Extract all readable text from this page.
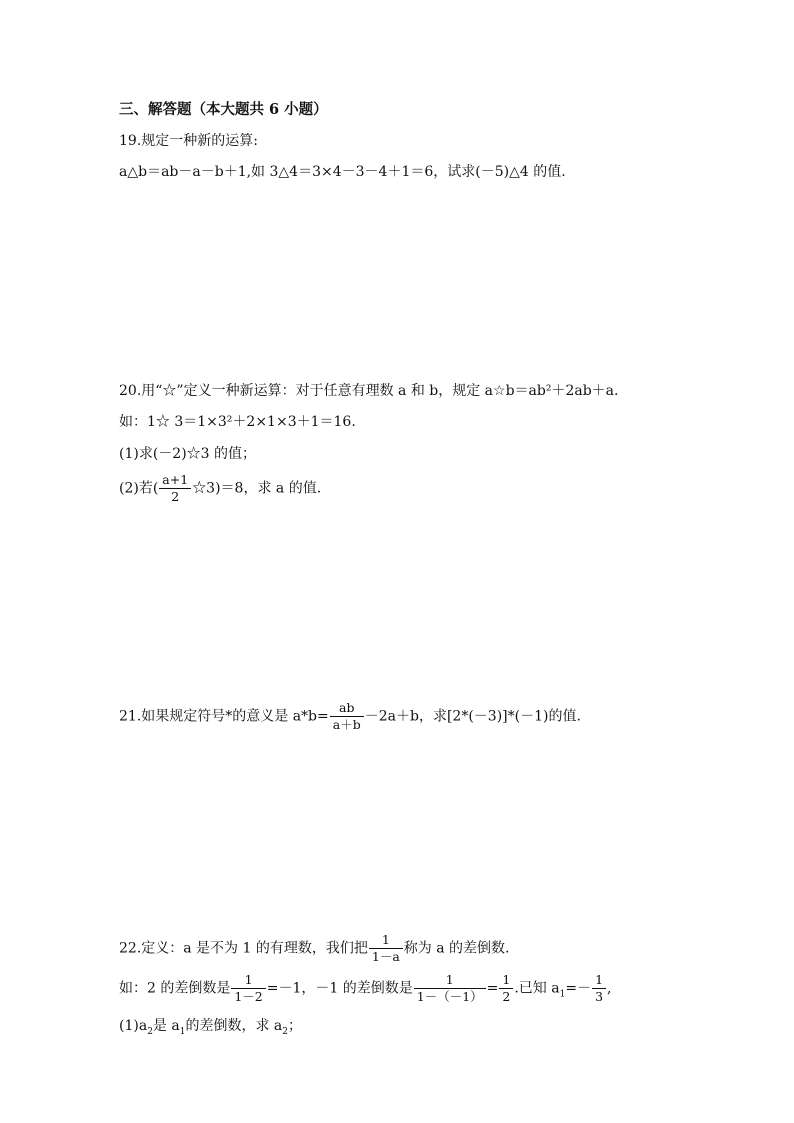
三、解答题（本大题共 6 小题）
19.规定一种新的运算:
a△b＝ab－a－b＋1,如 3△4＝3×4－3－4＋1＝6，试求(－5)△4 的值.
20.用“☆”定义一种新运算：对于任意有理数 a 和 b，规定 a☆b＝ab²＋2ab＋a.
如：1☆ 3＝1×3²＋2×1×3＋1＝16.
(1)求(－2)☆3 的值；
(2)若( $\frac{a+1}{2}$ ☆3)＝8，求 a 的值.
21.如果规定符号*的意义是 $a*b= \frac{ab}{a+b} -2a+b$，求[2*(－3)]*(－1)的值.
22.定义：a 是不为 1 的有理数，我们把 $\frac{1}{1-a}$ 称为 a 的差倒数.
如：2 的差倒数是 $\frac{1}{1-2} =-1$，－1 的差倒数是 $\frac{1}{1-(-1)} = \frac{1}{2}$ .已知 $a_1=- \frac{1}{3}$ ,
$(1)a_2$是 $a_1$的差倒数，求 $a_2$；
